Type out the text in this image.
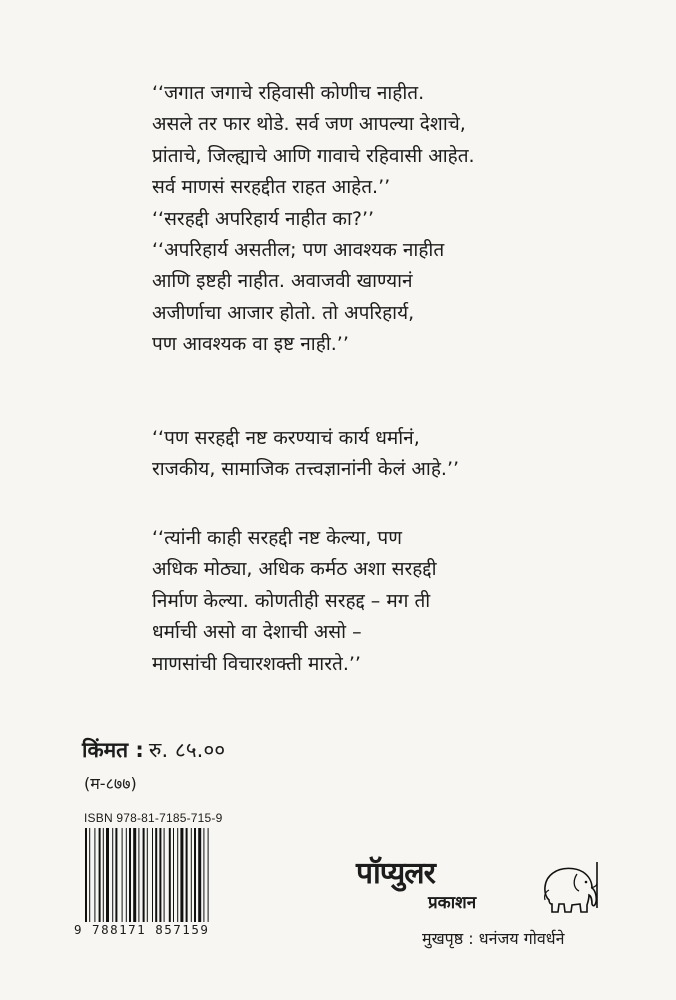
‘‘जगात जगाचे रहिवासी कोणीच नाहीत.
असले तर फार थोडे. सर्व जण आपल्या देशाचे,
प्रांताचे, जिल्ह्याचे आणि गावाचे रहिवासी आहेत.
सर्व माणसं सरहद्दीत राहत आहेत.’’
‘‘सरहद्दी अपरिहार्य नाहीत का?’’
‘‘अपरिहार्य असतील; पण आवश्यक नाहीत
आणि इष्टही नाहीत. अवाजवी खाण्यानं
अजीर्णाचा आजार होतो. तो अपरिहार्य,
पण आवश्यक वा इष्ट नाही.’’
‘‘पण सरहद्दी नष्ट करण्याचं कार्य धर्मानं,
राजकीय, सामाजिक तत्त्वज्ञानांनी केलं आहे.’’
‘‘त्यांनी काही सरहद्दी नष्ट केल्या, पण
अधिक मोठ्या, अधिक कर्मठ अशा सरहद्दी
निर्माण केल्या. कोणतीही सरहद्द – मग ती
धर्माची असो वा देशाची असो –
माणसांची विचारशक्ती मारते.’’
किंमत : रु. ८५.००
(म-८७७)
ISBN 978-81-7185-715-9
9 788171 857159
पॉप्युलर
प्रकाशन
मुखपृष्ठ : धनंजय गोवर्धने
